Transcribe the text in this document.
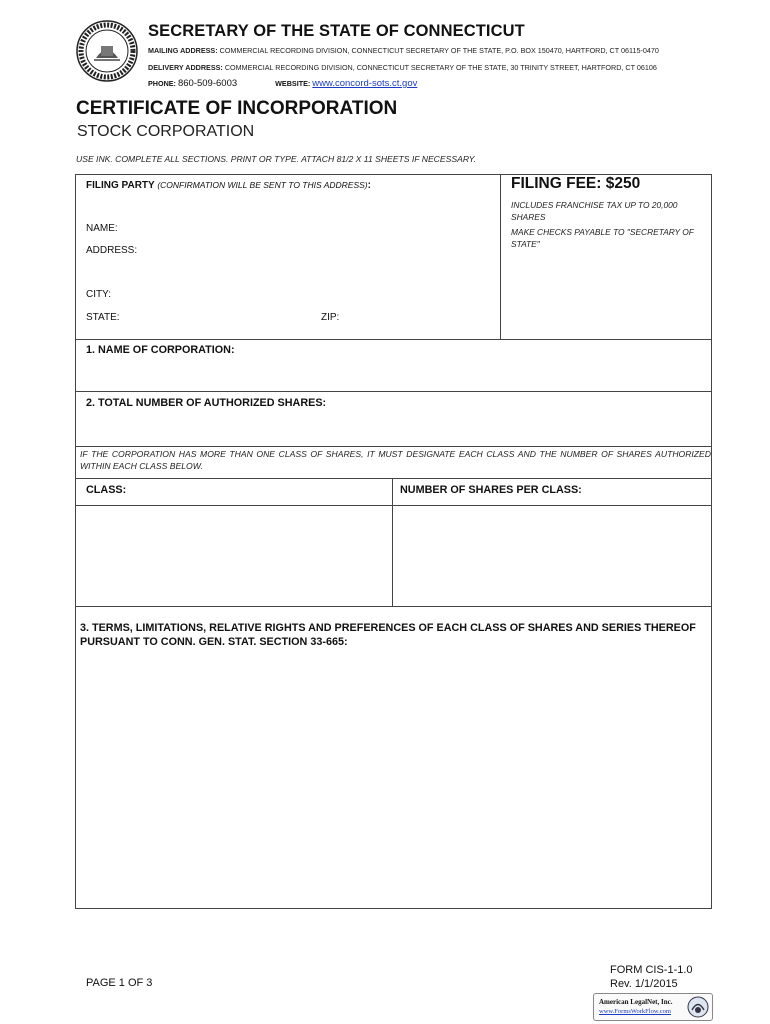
SECRETARY OF THE STATE OF CONNECTICUT
MAILING ADDRESS: COMMERCIAL RECORDING DIVISION, CONNECTICUT SECRETARY OF THE STATE, P.O. BOX 150470, HARTFORD, CT 06115-0470
DELIVERY ADDRESS: COMMERCIAL RECORDING DIVISION, CONNECTICUT SECRETARY OF THE STATE, 30 TRINITY STREET, HARTFORD, CT 06106
PHONE: 860-509-6003	WEBSITE: www.concord-sots.ct.gov
CERTIFICATE OF INCORPORATION
STOCK CORPORATION
USE INK. COMPLETE ALL SECTIONS. PRINT OR TYPE. ATTACH 81/2 X 11 SHEETS IF NECESSARY.
FILING PARTY (CONFIRMATION WILL BE SENT TO THIS ADDRESS):
NAME:
ADDRESS:
CITY:
STATE:	ZIP:
FILING FEE: $250
INCLUDES FRANCHISE TAX UP TO 20,000 SHARES
MAKE CHECKS PAYABLE TO "SECRETARY OF STATE"
1. NAME OF CORPORATION:
2. TOTAL NUMBER OF AUTHORIZED SHARES:
IF THE CORPORATION HAS MORE THAN ONE CLASS OF SHARES, IT MUST DESIGNATE EACH CLASS AND THE NUMBER OF SHARES AUTHORIZED WITHIN EACH CLASS BELOW.
CLASS:	NUMBER OF SHARES PER CLASS:
3. TERMS, LIMITATIONS, RELATIVE RIGHTS AND PREFERENCES OF EACH CLASS OF SHARES AND SERIES THEREOF PURSUANT TO CONN. GEN. STAT. SECTION 33-665:
PAGE 1 OF 3
FORM CIS-1-1.0
Rev. 1/1/2015
American LegalNet, Inc.
www.FormsWorkFlow.com
